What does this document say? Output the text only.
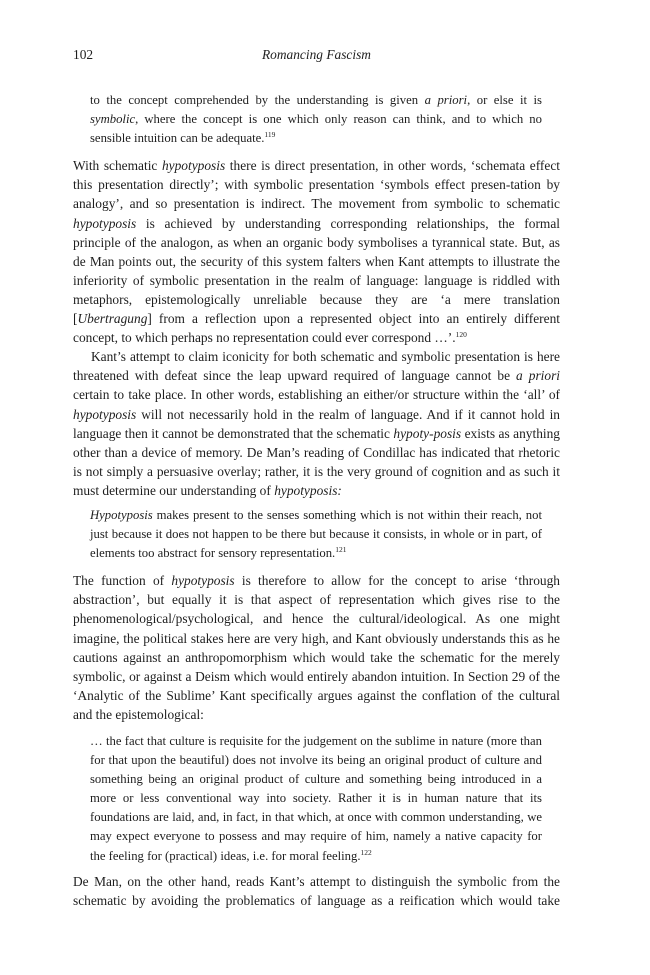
102	Romancing Fascism

to the concept comprehended by the understanding is given a priori, or else it is symbolic, where the concept is one which only reason can think, and to which no sensible intuition can be adequate.$^{119}$

With schematic hypotyposis there is direct presentation, in other words, ‘schemata effect this presentation directly’; with symbolic presentation ‘symbols effect presen-tation by analogy’, and so presentation is indirect. The movement from symbolic to schematic hypotyposis is achieved by understanding corresponding relationships, the formal principle of the analogon, as when an organic body symbolises a tyrannical state. But, as de Man points out, the security of this system falters when Kant attempts to illustrate the inferiority of symbolic presentation in the realm of language: language is riddled with metaphors, epistemologically unreliable because they are ‘a mere translation [Ubertragung] from a reflection upon a represented object into an entirely different concept, to which perhaps no representation could ever correspond …’.$^{120}$

Kant’s attempt to claim iconicity for both schematic and symbolic presentation is here threatened with defeat since the leap upward required of language cannot be a priori certain to take place. In other words, establishing an either/or structure within the ‘all’ of hypotyposis will not necessarily hold in the realm of language. And if it cannot hold in language then it cannot be demonstrated that the schematic hypoty-posis exists as anything other than a device of memory. De Man’s reading of Condillac has indicated that rhetoric is not simply a persuasive overlay; rather, it is the very ground of cognition and as such it must determine our understanding of hypotyposis:

Hypotyposis makes present to the senses something which is not within their reach, not just because it does not happen to be there but because it consists, in whole or in part, of elements too abstract for sensory representation.$^{121}$

The function of hypotyposis is therefore to allow for the concept to arise ‘through abstraction’, but equally it is that aspect of representation which gives rise to the phenomenological/psychological, and hence the cultural/ideological. As one might imagine, the political stakes here are very high, and Kant obviously understands this as he cautions against an anthropomorphism which would take the schematic for the merely symbolic, or against a Deism which would entirely abandon intuition. In Section 29 of the ‘Analytic of the Sublime’ Kant specifically argues against the conflation of the cultural and the epistemological:

… the fact that culture is requisite for the judgement on the sublime in nature (more than for that upon the beautiful) does not involve its being an original product of culture and something being an original product of culture and something being introduced in a more or less conventional way into society. Rather it is in human nature that its foundations are laid, and, in fact, in that which, at once with common understanding, we may expect everyone to possess and may require of him, namely a native capacity for the feeling for (practical) ideas, i.e. for moral feeling.$^{122}$

De Man, on the other hand, reads Kant’s attempt to distinguish the symbolic from the schematic by avoiding the problematics of language as a reification which would take
